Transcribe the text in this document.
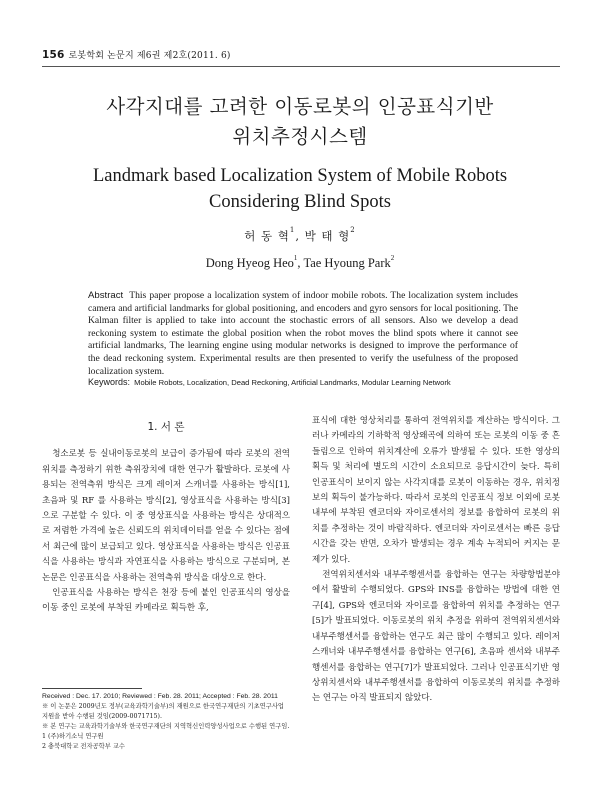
156 로봇학회 논문지 제6권 제2호(2011. 6)
사각지대를 고려한 이동로봇의 인공표식기반
위치추정시스템
Landmark based Localization System of Mobile Robots
Considering Blind Spots
허 동 혁$^1$, 박 태 형$^2$
Dong Hyeog Heo$^1$, Tae Hyoung Park$^2$
Abstract This paper propose a localization system of indoor mobile robots. The localization system includes camera and artificial landmarks for global positioning, and encoders and gyro sensors for local positioning. The Kalman filter is applied to take into account the stochastic errors of all sensors. Also we develop a dead reckoning system to estimate the global position when the robot moves the blind spots where it cannot see artificial landmarks, The learning engine using modular networks is designed to improve the performance of the dead reckoning system. Experimental results are then presented to verify the usefulness of the proposed localization system.
Keywords: Mobile Robots, Localization, Dead Reckoning, Artificial Landmarks, Modular Learning Network
1. 서 론

청소로봇 등 실내이동로봇의 보급이 증가됨에 따라 로봇의 전역위치를 측정하기 위한 측위장치에 대한 연구가 활발하다. 로봇에 사용되는 전역측위 방식은 크게 레이저 스캐너를 사용하는 방식[1], 초음파 및 RF 를 사용하는 방식[2], 영상표식을 사용하는 방식[3]으로 구분할 수 있다. 이 중 영상표식을 사용하는 방식은 상대적으로 저렴한 가격에 높은 신뢰도의 위치데이터를 얻을 수 있다는 점에서 최근에 많이 보급되고 있다. 영상표식을 사용하는 방식은 인공표식을 사용하는 방식과 자연표식을 사용하는 방식으로 구분되며, 본 논문은 인공표식을 사용하는 전역측위 방식을 대상으로 한다.

인공표식을 사용하는 방식은 천장 등에 붙인 인공표식의 영상을 이동 중인 로봇에 부착된 카메라로 획득한 후,

표식에 대한 영상처리를 통하여 전역위치를 계산하는 방식이다. 그러나 카메라의 기하학적 영상왜곡에 의하여 또는 로봇의 이동 중 흔들림으로 인하여 위치계산에 오류가 발생될 수 있다. 또한 영상의 획득 및 처리에 별도의 시간이 소요되므로 응답시간이 늦다. 특히 인공표식이 보이지 않는 사각지대를 로봇이 이동하는 경우, 위치정보의 획득이 불가능하다. 따라서 로봇의 인공표식 정보 이외에 로봇 내부에 부착된 엔코더와 자이로센서의 정보를 융합하여 로봇의 위치를 추정하는 것이 바람직하다. 엔코더와 자이로센서는 빠른 응답시간을 갖는 반면, 오차가 발생되는 경우 계속 누적되어 커지는 문제가 있다.

전역위치센서와 내부주행센서를 융합하는 연구는 차량항법분야에서 활발히 수행되었다. GPS와 INS를 융합하는 방법에 대한 연구[4], GPS와 엔코더와 자이로를 융합하여 위치를 추정하는 연구[5]가 발표되었다. 이동로봇의 위치 추정을 위하여 전역위치센서와 내부주행센서를 융합하는 연구도 최근 많이 수행되고 있다. 레이저스캐너와 내부주행센서를 융합하는 연구[6], 초음파 센서와 내부주행센서를 융합하는 연구[7]가 발표되었다. 그러나 인공표식기반 영상위치센서와 내부주행센서를 융합하여 이동로봇의 위치를 추정하는 연구는 아직 발표되지 않았다.

Received : Dec. 17. 2010; Reviewed : Feb. 28. 2011; Accepted : Feb. 28. 2011
※ 이 논문은 2009년도 정부(교육과학기술부)의 재원으로 한국연구재단의 기초연구사업 지원을 받아 수행된 것임(2009-0071715).
※ 본 연구는 교육과학기술부와 한국연구재단의 지역혁신인력양성사업으로 수행된 연구임.
1 (주)하기소닉 연구원
2 충북대학교 전자공학부 교수
